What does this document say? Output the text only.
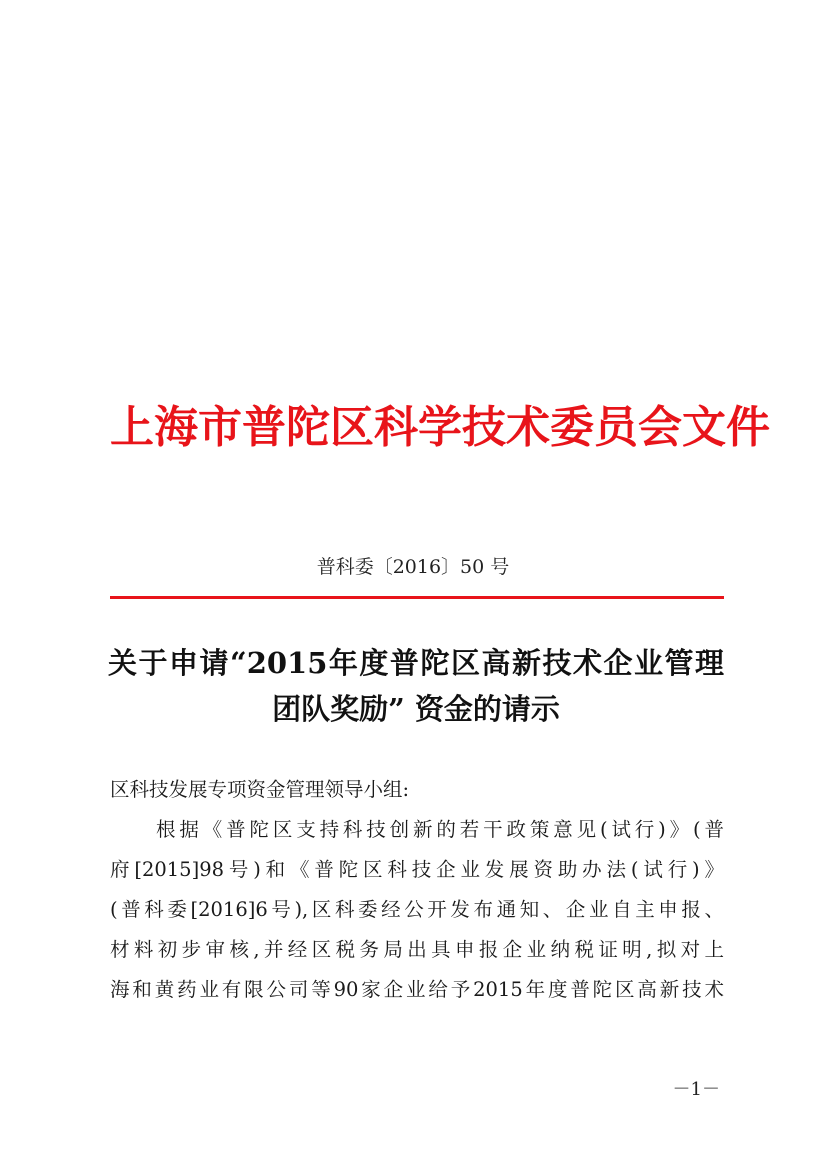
上海市普陀区科学技术委员会文件
普科委〔2016〕50 号
关于申请“2015年度普陀区高新技术企业管理
团队奖励” 资金的请示
区科技发展专项资金管理领导小组:
根据《普陀区支持科技创新的若干政策意见(试行)》(普
府[2015]98号)和《普陀区科技企业发展资助办法(试行)》
(普科委[2016]6号),区科委经公开发布通知、企业自主申报、
材料初步审核,并经区税务局出具申报企业纳税证明,拟对上
海和黄药业有限公司等90家企业给予2015年度普陀区高新技术
－1－
